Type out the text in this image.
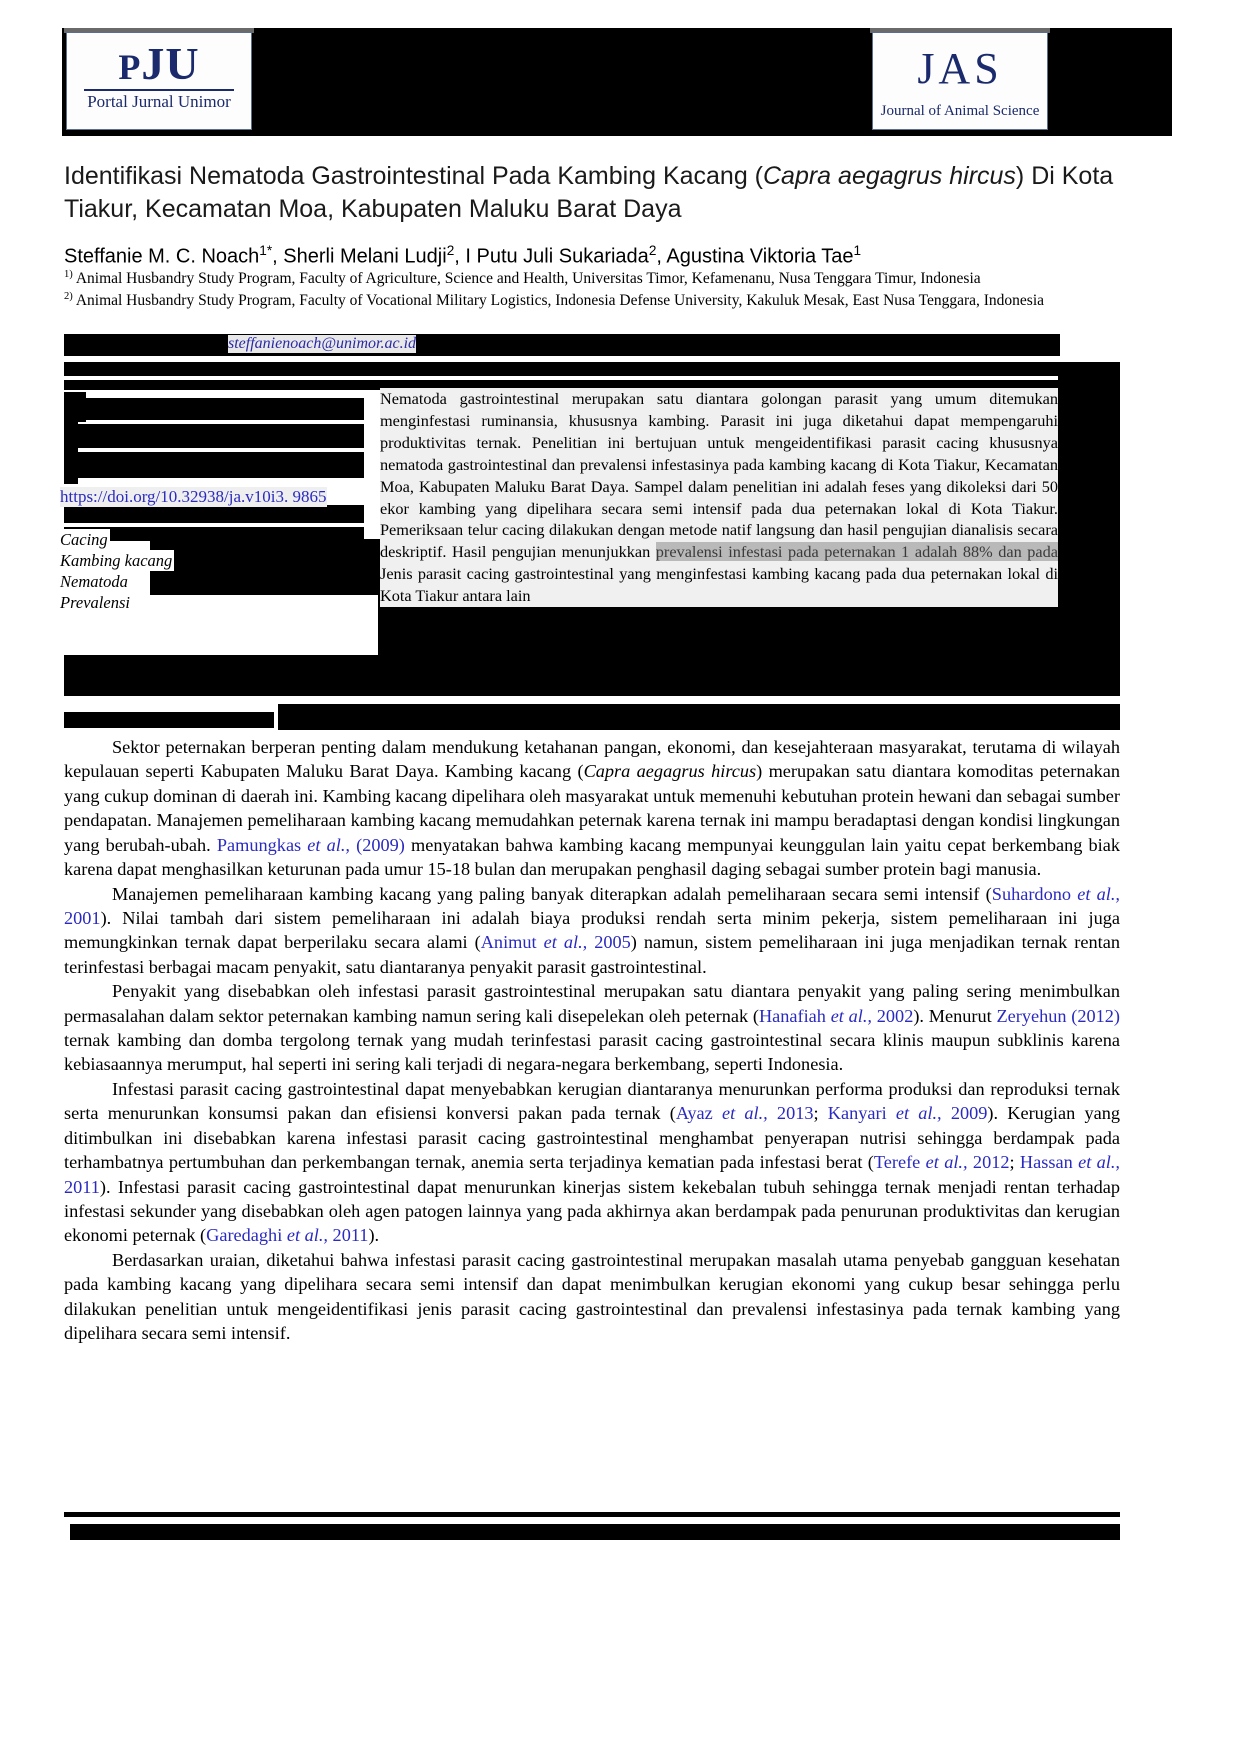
PJU
Portal Jurnal Unimor
JAS
Journal of Animal Science
Identifikasi Nematoda Gastrointestinal Pada Kambing Kacang (Capra aegagrus hircus) Di Kota Tiakur, Kecamatan Moa, Kabupaten Maluku Barat Daya
Steffanie M. C. Noach$^{1*}$, Sherli Melani Ludji$^2$, I Putu Juli Sukariada$^2$, Agustina Viktoria Tae$^1$
$^{1)}$ Animal Husbandry Study Program, Faculty of Agriculture, Science and Health, Universitas Timor, Kefamenanu, Nusa Tenggara Timur, Indonesia
$^{2)}$ Animal Husbandry Study Program, Faculty of Vocational Military Logistics, Indonesia Defense University, Kakuluk Mesak, East Nusa Tenggara, Indonesia
steffanienoach@unimor.ac.id
https://doi.org/10.32938/ja.v10i3. 9865
Cacing
Kambing kacang
Nematoda
Prevalensi
Nematoda gastrointestinal merupakan satu diantara golongan parasit yang umum ditemukan menginfestasi ruminansia, khususnya kambing. Parasit ini juga diketahui dapat mempengaruhi produktivitas ternak. Penelitian ini bertujuan untuk mengeidentifikasi parasit cacing khususnya nematoda gastrointestinal dan prevalensi infestasinya pada kambing kacang di Kota Tiakur, Kecamatan Moa, Kabupaten Maluku Barat Daya. Sampel dalam penelitian ini adalah feses yang dikoleksi dari 50 ekor kambing yang dipelihara secara semi intensif pada dua peternakan lokal di Kota Tiakur. Pemeriksaan telur cacing dilakukan dengan metode natif langsung dan hasil pengujian dianalisis secara deskriptif. Hasil pengujian menunjukkan prevalensi infestasi pada peternakan 1 adalah 88% dan pada Jenis parasit cacing gastrointestinal yang menginfestasi kambing kacang pada dua peternakan lokal di Kota Tiakur antara lain

Sektor peternakan berperan penting dalam mendukung ketahanan pangan, ekonomi, dan kesejahteraan masyarakat, terutama di wilayah kepulauan seperti Kabupaten Maluku Barat Daya. Kambing kacang (Capra aegagrus hircus) merupakan satu diantara komoditas peternakan yang cukup dominan di daerah ini. Kambing kacang dipelihara oleh masyarakat untuk memenuhi kebutuhan protein hewani dan sebagai sumber pendapatan. Manajemen pemeliharaan kambing kacang memudahkan peternak karena ternak ini mampu beradaptasi dengan kondisi lingkungan yang berubah-ubah. Pamungkas et al., (2009) menyatakan bahwa kambing kacang mempunyai keunggulan lain yaitu cepat berkembang biak karena dapat menghasilkan keturunan pada umur 15-18 bulan dan merupakan penghasil daging sebagai sumber protein bagi manusia.

Manajemen pemeliharaan kambing kacang yang paling banyak diterapkan adalah pemeliharaan secara semi intensif (Suhardono et al., 2001). Nilai tambah dari sistem pemeliharaan ini adalah biaya produksi rendah serta minim pekerja, sistem pemeliharaan ini juga memungkinkan ternak dapat berperilaku secara alami (Animut et al., 2005) namun, sistem pemeliharaan ini juga menjadikan ternak rentan terinfestasi berbagai macam penyakit, satu diantaranya penyakit parasit gastrointestinal.

Penyakit yang disebabkan oleh infestasi parasit gastrointestinal merupakan satu diantara penyakit yang paling sering menimbulkan permasalahan dalam sektor peternakan kambing namun sering kali disepelekan oleh peternak (Hanafiah et al., 2002). Menurut Zeryehun (2012) ternak kambing dan domba tergolong ternak yang mudah terinfestasi parasit cacing gastrointestinal secara klinis maupun subklinis karena kebiasaannya merumput, hal seperti ini sering kali terjadi di negara-negara berkembang, seperti Indonesia.

Infestasi parasit cacing gastrointestinal dapat menyebabkan kerugian diantaranya menurunkan performa produksi dan reproduksi ternak serta menurunkan konsumsi pakan dan efisiensi konversi pakan pada ternak (Ayaz et al., 2013; Kanyari et al., 2009). Kerugian yang ditimbulkan ini disebabkan karena infestasi parasit cacing gastrointestinal menghambat penyerapan nutrisi sehingga berdampak pada terhambatnya pertumbuhan dan perkembangan ternak, anemia serta terjadinya kematian pada infestasi berat (Terefe et al., 2012; Hassan et al., 2011). Infestasi parasit cacing gastrointestinal dapat menurunkan kinerjas sistem kekebalan tubuh sehingga ternak menjadi rentan terhadap infestasi sekunder yang disebabkan oleh agen patogen lainnya yang pada akhirnya akan berdampak pada penurunan produktivitas dan kerugian ekonomi peternak (Garedaghi et al., 2011).

Berdasarkan uraian, diketahui bahwa infestasi parasit cacing gastrointestinal merupakan masalah utama penyebab gangguan kesehatan pada kambing kacang yang dipelihara secara semi intensif dan dapat menimbulkan kerugian ekonomi yang cukup besar sehingga perlu dilakukan penelitian untuk mengeidentifikasi jenis parasit cacing gastrointestinal dan prevalensi infestasinya pada ternak kambing yang dipelihara secara semi intensif.
